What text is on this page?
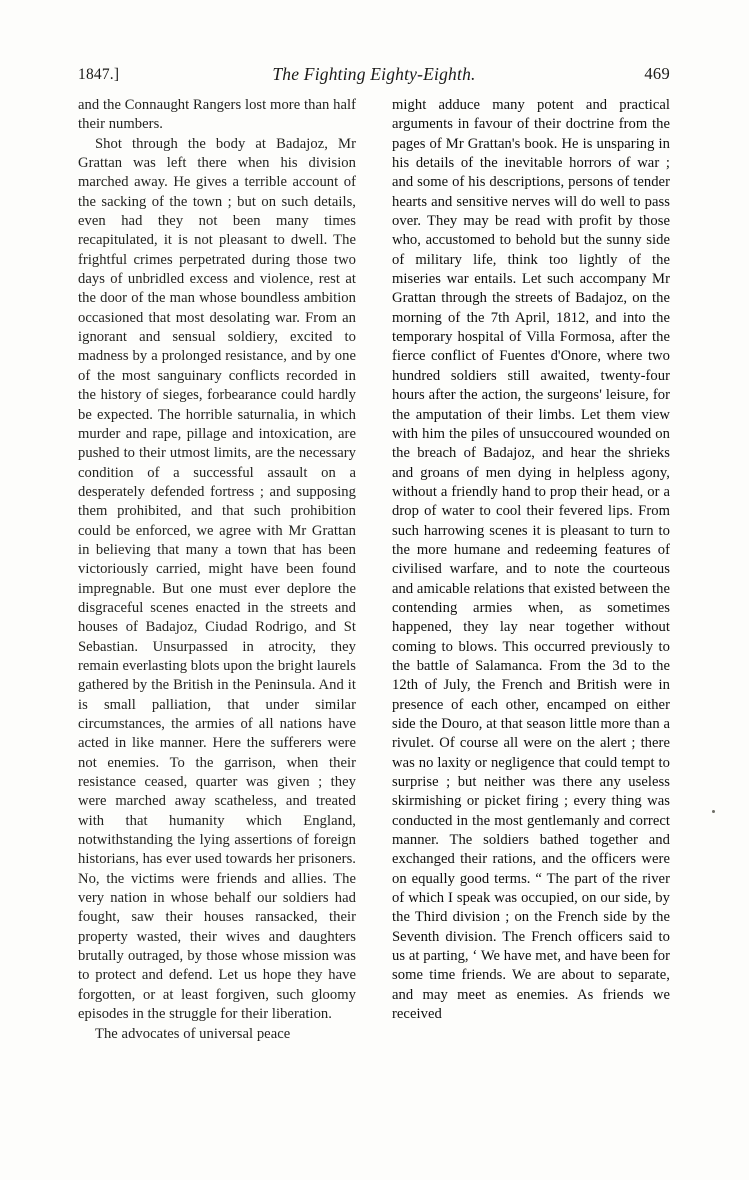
1847.]	The Fighting Eighty-Eighth.	469

and the Connaught Rangers lost more than half their numbers.

Shot through the body at Badajoz, Mr Grattan was left there when his division marched away. He gives a terrible account of the sacking of the town ; but on such details, even had they not been many times recapitulated, it is not pleasant to dwell. The frightful crimes perpetrated during those two days of unbridled excess and violence, rest at the door of the man whose boundless ambition occasioned that most desolating war. From an ignorant and sensual soldiery, excited to madness by a prolonged resistance, and by one of the most sanguinary conflicts recorded in the history of sieges, forbearance could hardly be expected. The horrible saturnalia, in which murder and rape, pillage and intoxication, are pushed to their utmost limits, are the necessary condition of a successful assault on a desperately defended fortress ; and supposing them prohibited, and that such prohibition could be enforced, we agree with Mr Grattan in believing that many a town that has been victoriously carried, might have been found impregnable. But one must ever deplore the disgraceful scenes enacted in the streets and houses of Badajoz, Ciudad Rodrigo, and St Sebastian. Unsurpassed in atrocity, they remain everlasting blots upon the bright laurels gathered by the British in the Peninsula. And it is small palliation, that under similar circumstances, the armies of all nations have acted in like manner. Here the sufferers were not enemies. To the garrison, when their resistance ceased, quarter was given ; they were marched away scatheless, and treated with that humanity which England, notwithstanding the lying assertions of foreign historians, has ever used towards her prisoners. No, the victims were friends and allies. The very nation in whose behalf our soldiers had fought, saw their houses ransacked, their property wasted, their wives and daughters brutally outraged, by those whose mission was to protect and defend. Let us hope they have forgotten, or at least forgiven, such gloomy episodes in the struggle for their liberation.

The advocates of universal peace

might adduce many potent and practical arguments in favour of their doctrine from the pages of Mr Grattan's book. He is unsparing in his details of the inevitable horrors of war ; and some of his descriptions, persons of tender hearts and sensitive nerves will do well to pass over. They may be read with profit by those who, accustomed to behold but the sunny side of military life, think too lightly of the miseries war entails. Let such accompany Mr Grattan through the streets of Badajoz, on the morning of the 7th April, 1812, and into the temporary hospital of Villa Formosa, after the fierce conflict of Fuentes d'Onore, where two hundred soldiers still awaited, twenty-four hours after the action, the surgeons' leisure, for the amputation of their limbs. Let them view with him the piles of unsuccoured wounded on the breach of Badajoz, and hear the shrieks and groans of men dying in helpless agony, without a friendly hand to prop their head, or a drop of water to cool their fevered lips. From such harrowing scenes it is pleasant to turn to the more humane and redeeming features of civilised warfare, and to note the courteous and amicable relations that existed between the contending armies when, as sometimes happened, they lay near together without coming to blows. This occurred previously to the battle of Salamanca. From the 3d to the 12th of July, the French and British were in presence of each other, encamped on either side the Douro, at that season little more than a rivulet. Of course all were on the alert ; there was no laxity or negligence that could tempt to surprise ; but neither was there any useless skirmishing or picket firing ; every thing was conducted in the most gentlemanly and correct manner. The soldiers bathed together and exchanged their rations, and the officers were on equally good terms. “ The part of the river of which I speak was occupied, on our side, by the Third division ; on the French side by the Seventh division. The French officers said to us at parting, ‘ We have met, and have been for some time friends. We are about to separate, and may meet as enemies. As friends we received
